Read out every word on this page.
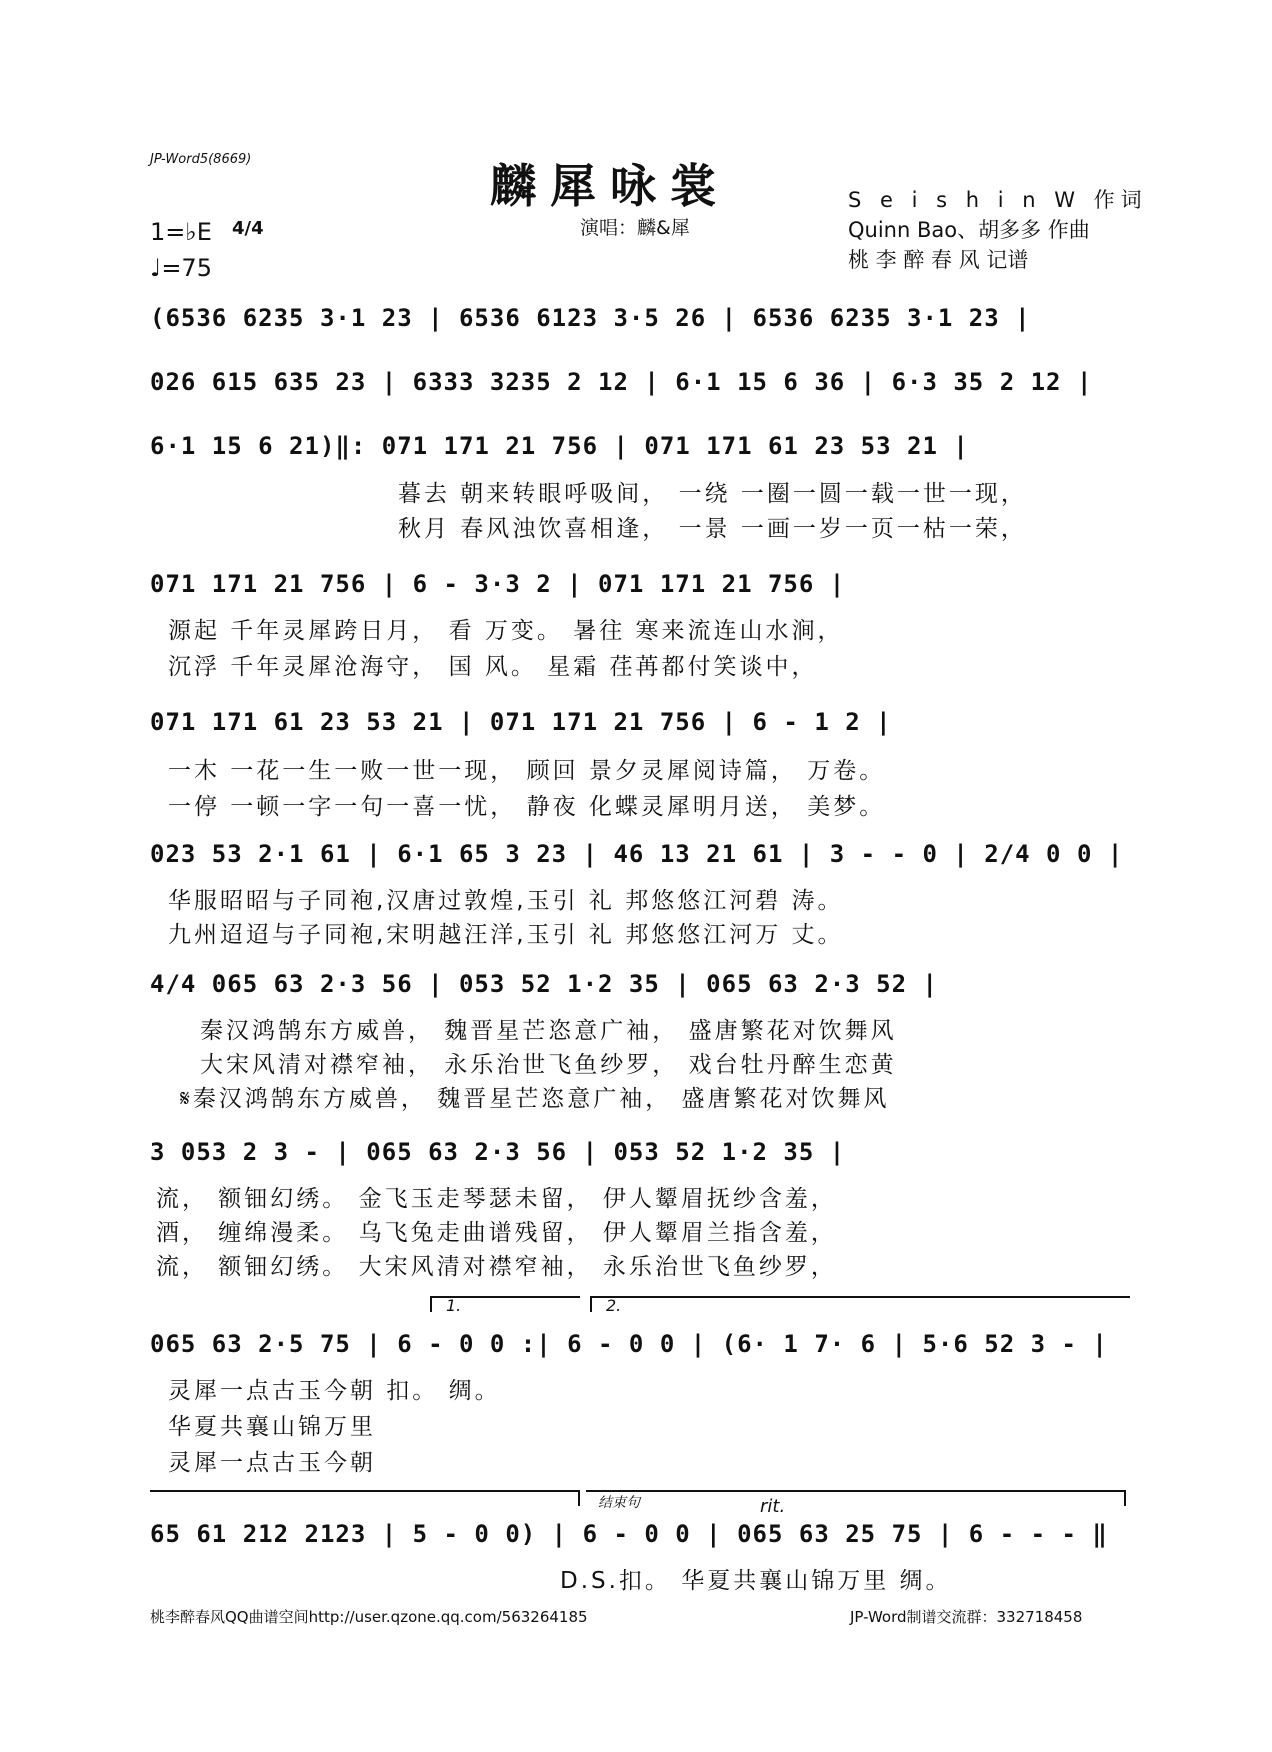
JP-Word5(8669)	麟犀咏裳
演唱：麟&犀
S e i s h i n W 作词
Quinn Bao、胡多多 作曲
桃 李 醉 春 风 记谱
1=♭E 4/4
♩=75
(6536 6235 3·1 23 | 6536 6123 3·5 26 | 6536 6235 3·1 23 |
026 615 635 23 | 6333 3235 2 12 | 6·1 15 6 36 | 6·3 35 2 12 |
6·1 15 6 21)‖: 071 171 21 756 | 071 171 61 23 53 21 |
暮去 朝来转眼呼吸间， 一绕 一圈一圆一载一世一现，
秋月 春风浊饮喜相逢， 一景 一画一岁一页一枯一荣，
071 171 21 756 | 6 - 3·3 2 | 071 171 21 756 |
源起 千年灵犀跨日月， 看 万变。 暑往 寒来流连山水涧，
沉浮 千年灵犀沧海守， 国 风。 星霜 荏苒都付笑谈中，
071 171 61 23 53 21 | 071 171 21 756 | 6 - 1 2 |
一木 一花一生一败一世一现， 顾回 景夕灵犀阅诗篇， 万卷。
一停 一顿一字一句一喜一忧， 静夜 化蝶灵犀明月送， 美梦。
023 53 2·1 61 | 6·1 65 3 23 | 46 13 21 61 | 3 - - 0 | 2/4 0 0 |
华服昭昭与子同袍,汉唐过敦煌,玉引 礼 邦悠悠江河碧 涛。
九州迢迢与子同袍,宋明越汪洋,玉引 礼 邦悠悠江河万 丈。
4/4 065 63 2·3 56 | 053 52 1·2 35 | 065 63 2·3 52 |
秦汉鸿鹄东方威兽， 魏晋星芒恣意广袖， 盛唐繁花对饮舞风
大宋风清对襟窄袖， 永乐治世飞鱼纱罗， 戏台牡丹醉生恋黄
𝄋秦汉鸿鹄东方威兽， 魏晋星芒恣意广袖， 盛唐繁花对饮舞风
3 053 2 3 - | 065 63 2·3 56 | 053 52 1·2 35 |
流， 额钿幻绣。 金飞玉走琴瑟未留， 伊人颦眉抚纱含羞，
酒， 缠绵漫柔。 乌飞兔走曲谱残留， 伊人颦眉兰指含羞，
流， 额钿幻绣。 大宋风清对襟窄袖， 永乐治世飞鱼纱罗，
1.	2.
065 63 2·5 75 | 6 - 0 0 :| 6 - 0 0 | (6· 1 7· 6 | 5·6 52 3 - |
灵犀一点古玉今朝 扣。 绸。
华夏共襄山锦万里
灵犀一点古玉今朝
结束句	rit.
65 61 212 2123 | 5 - 0 0) | 6 - 0 0 | 065 63 25 75 | 6 - - - ‖
D.S.扣。 华夏共襄山锦万里 绸。
桃李醉春风QQ曲谱空间http://user.qzone.qq.com/563264185	JP-Word制谱交流群：332718458
